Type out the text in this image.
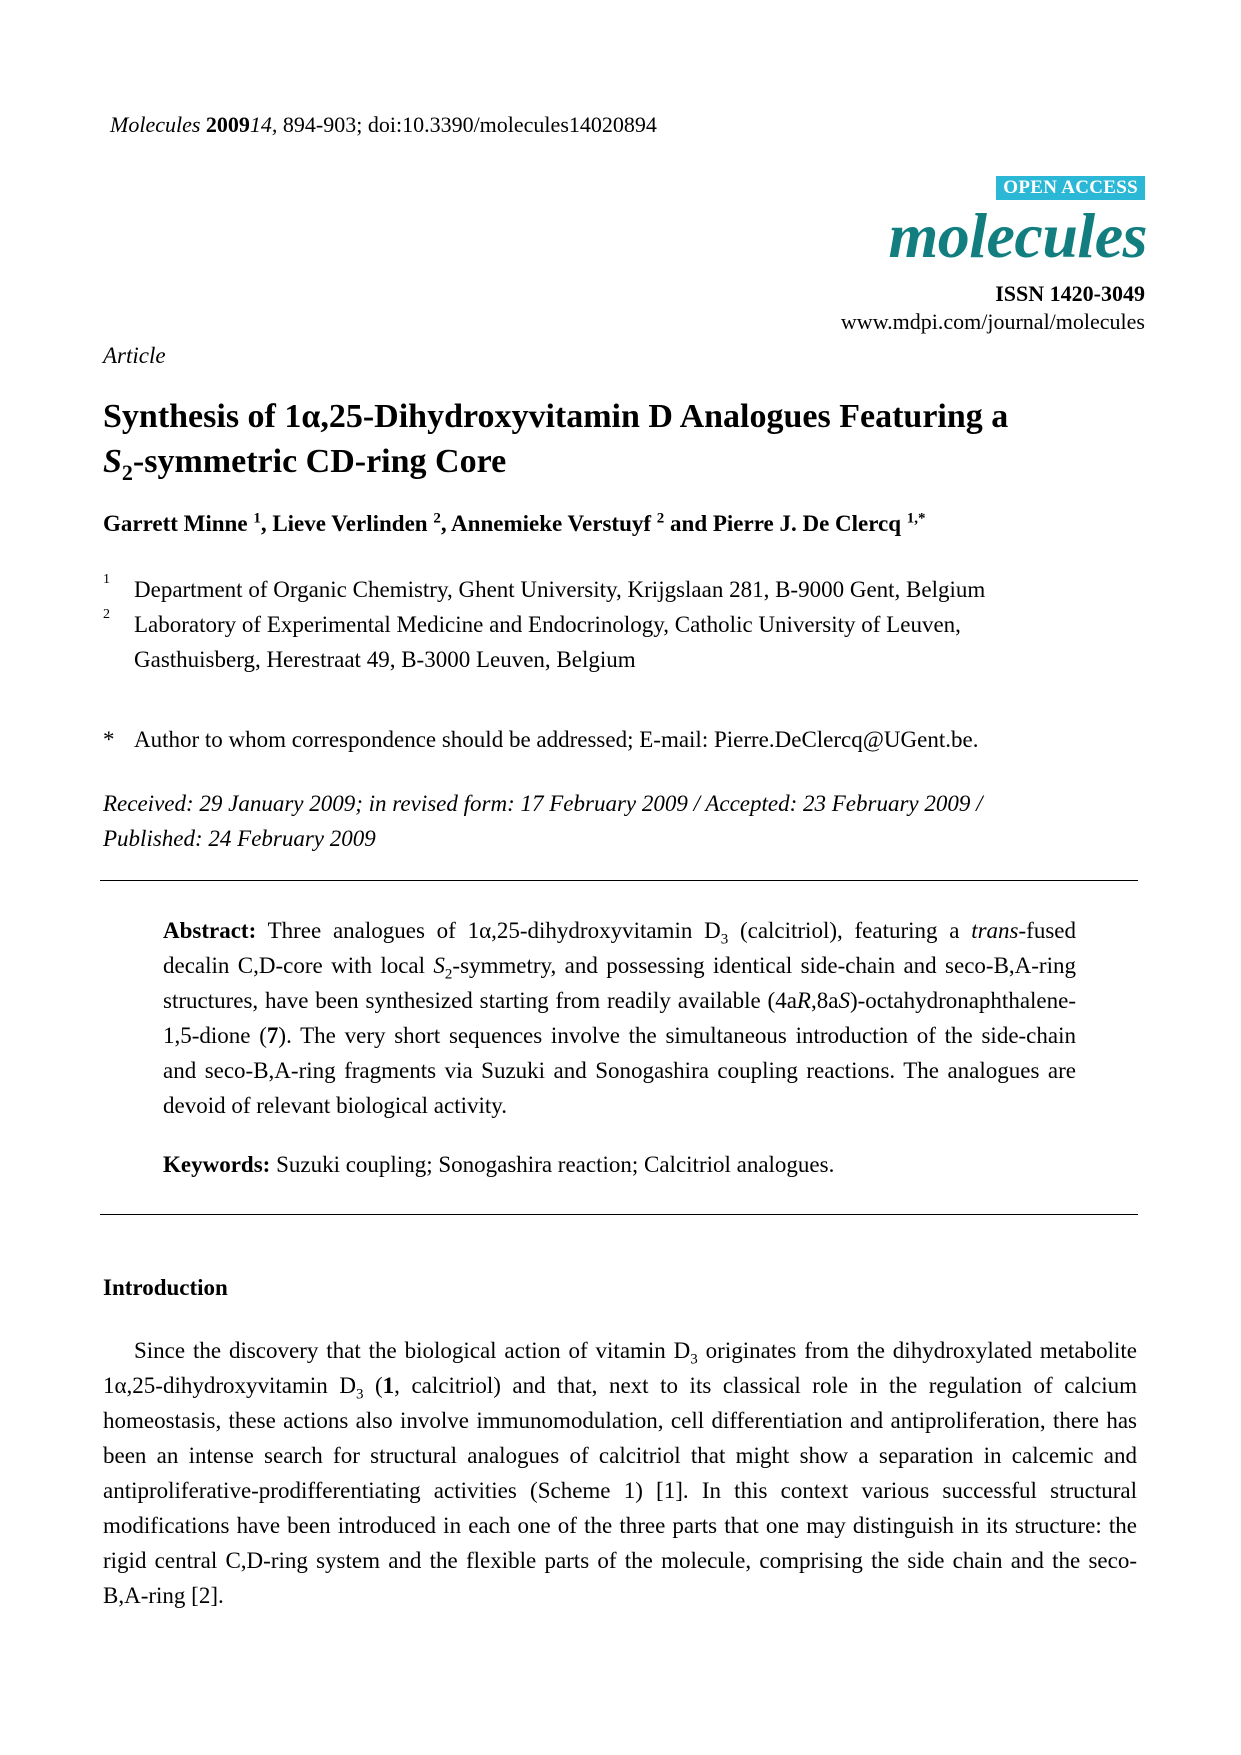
Molecules 200914, 894-903; doi:10.3390/molecules14020894
OPEN ACCESS
molecules
ISSN 1420-3049
www.mdpi.com/journal/molecules
Article
Synthesis of 1α,25-Dihydroxyvitamin D Analogues Featuring a
$S_2$-symmetric CD-ring Core
Garrett Minne $^1$, Lieve Verlinden $^2$, Annemieke Verstuyf $^2$ and Pierre J. De Clercq $^{1,*}$
1 Department of Organic Chemistry, Ghent University, Krijgslaan 281, B-9000 Gent, Belgium
2 Laboratory of Experimental Medicine and Endocrinology, Catholic University of Leuven,
Gasthuisberg, Herestraat 49, B-3000 Leuven, Belgium
* Author to whom correspondence should be addressed; E-mail: Pierre.DeClercq@UGent.be.
Received: 29 January 2009; in revised form: 17 February 2009 / Accepted: 23 February 2009 /
Published: 24 February 2009
Abstract: Three analogues of 1α,25-dihydroxyvitamin $D_3$ (calcitriol), featuring a trans-fused decalin C,D-core with local $S_2$-symmetry, and possessing identical side-chain and seco-B,A-ring structures, have been synthesized starting from readily available (4aR,8aS)-octahydronaphthalene-1,5-dione (7). The very short sequences involve the simultaneous introduction of the side-chain and seco-B,A-ring fragments via Suzuki and Sonogashira coupling reactions. The analogues are devoid of relevant biological activity.
Keywords: Suzuki coupling; Sonogashira reaction; Calcitriol analogues.
Introduction
Since the discovery that the biological action of vitamin $D_3$ originates from the dihydroxylated metabolite 1α,25-dihydroxyvitamin $D_3$ (1, calcitriol) and that, next to its classical role in the regulation of calcium homeostasis, these actions also involve immunomodulation, cell differentiation and antiproliferation, there has been an intense search for structural analogues of calcitriol that might show a separation in calcemic and antiproliferative-prodifferentiating activities (Scheme 1) [1]. In this context various successful structural modifications have been introduced in each one of the three parts that one may distinguish in its structure: the rigid central C,D-ring system and the flexible parts of the molecule, comprising the side chain and the seco-B,A-ring [2].
